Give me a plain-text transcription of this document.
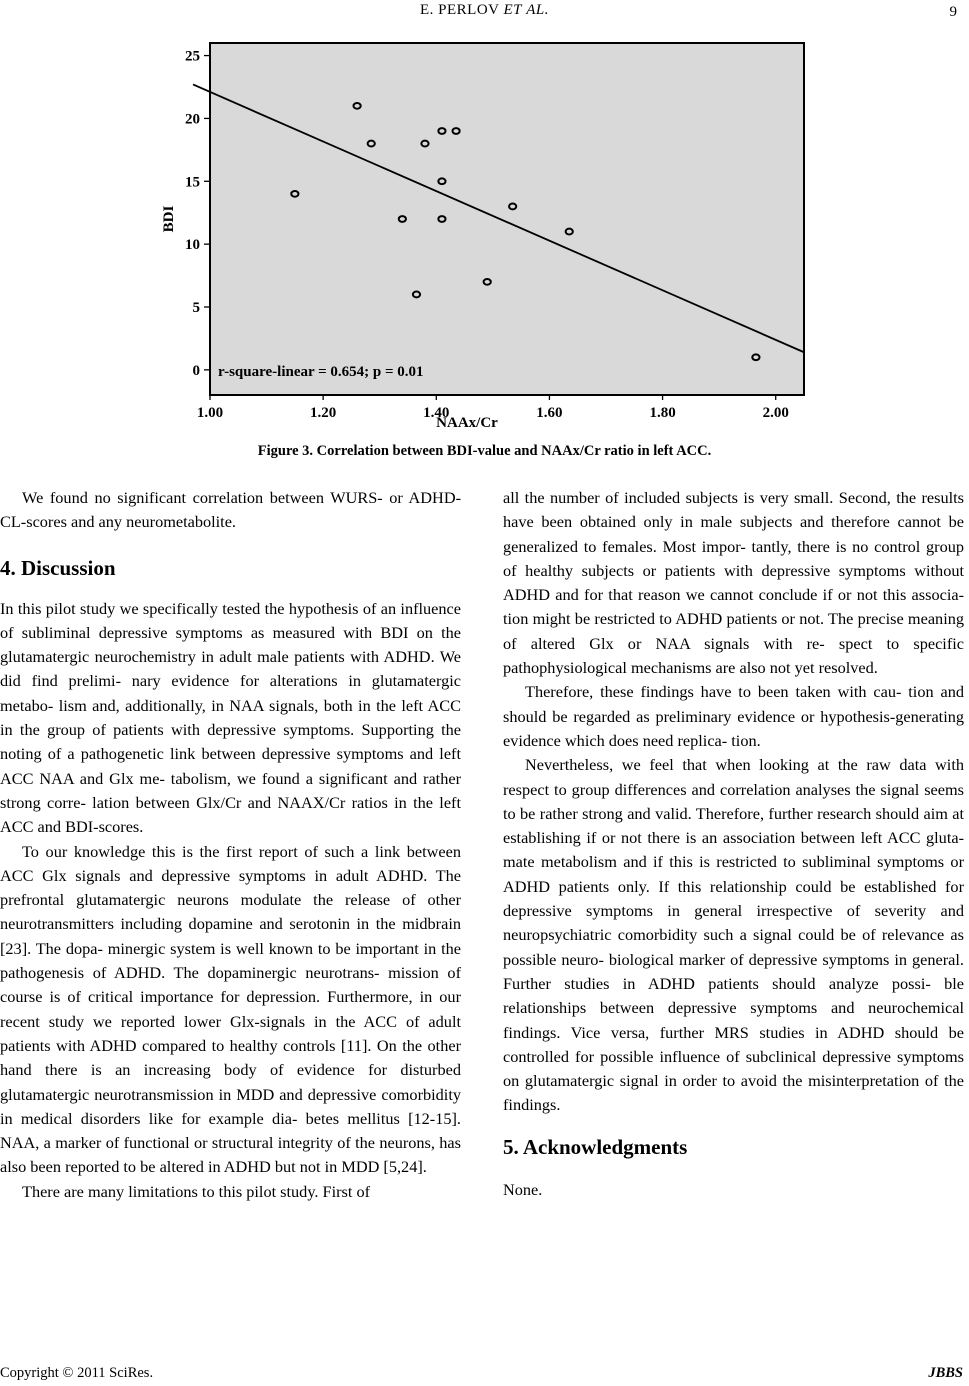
E. PERLOV ET AL.	9
0
5
10
15
20
25
1.00	1.20	1.40	1.60	1.80	2.00
r-square-linear = 0.654; p = 0.01
NAAx/Cr
BDI
Figure 3. Correlation between BDI-value and NAAx/Cr ratio in left ACC.

We found no significant correlation between WURS- or ADHD-CL-scores and any neurometabolite.

4. Discussion

In this pilot study we specifically tested the hypothesis of an influence of subliminal depressive symptoms as measured with BDI on the glutamatergic neurochemistry in adult male patients with ADHD. We did find prelimi- nary evidence for alterations in glutamatergic metabo- lism and, additionally, in NAA signals, both in the left ACC in the group of patients with depressive symptoms. Supporting the noting of a pathogenetic link between depressive symptoms and left ACC NAA and Glx me- tabolism, we found a significant and rather strong corre- lation between Glx/Cr and NAAX/Cr ratios in the left ACC and BDI-scores.

To our knowledge this is the first report of such a link between ACC Glx signals and depressive symptoms in adult ADHD. The prefrontal glutamatergic neurons modulate the release of other neurotransmitters including dopamine and serotonin in the midbrain [23]. The dopa- minergic system is well known to be important in the pathogenesis of ADHD. The dopaminergic neurotrans- mission of course is of critical importance for depression. Furthermore, in our recent study we reported lower Glx-signals in the ACC of adult patients with ADHD compared to healthy controls [11]. On the other hand there is an increasing body of evidence for disturbed glutamatergic neurotransmission in MDD and depressive comorbidity in medical disorders like for example dia- betes mellitus [12-15]. NAA, a marker of functional or structural integrity of the neurons, has also been reported to be altered in ADHD but not in MDD [5,24].

There are many limitations to this pilot study. First of

all the number of included subjects is very small. Second, the results have been obtained only in male subjects and therefore cannot be generalized to females. Most impor- tantly, there is no control group of healthy subjects or patients with depressive symptoms without ADHD and for that reason we cannot conclude if or not this associa- tion might be restricted to ADHD patients or not. The precise meaning of altered Glx or NAA signals with re- spect to specific pathophysiological mechanisms are also not yet resolved.

Therefore, these findings have to been taken with cau- tion and should be regarded as preliminary evidence or hypothesis-generating evidence which does need replica- tion.

Nevertheless, we feel that when looking at the raw data with respect to group differences and correlation analyses the signal seems to be rather strong and valid. Therefore, further research should aim at establishing if or not there is an association between left ACC gluta- mate metabolism and if this is restricted to subliminal symptoms or ADHD patients only. If this relationship could be established for depressive symptoms in general irrespective of severity and neuropsychiatric comorbidity such a signal could be of relevance as possible neuro- biological marker of depressive symptoms in general. Further studies in ADHD patients should analyze possi- ble relationships between depressive symptoms and neurochemical findings. Vice versa, further MRS studies in ADHD should be controlled for possible influence of subclinical depressive symptoms on glutamatergic signal in order to avoid the misinterpretation of the findings.

5. Acknowledgments

None.

Copyright © 2011 SciRes.	JBBS
